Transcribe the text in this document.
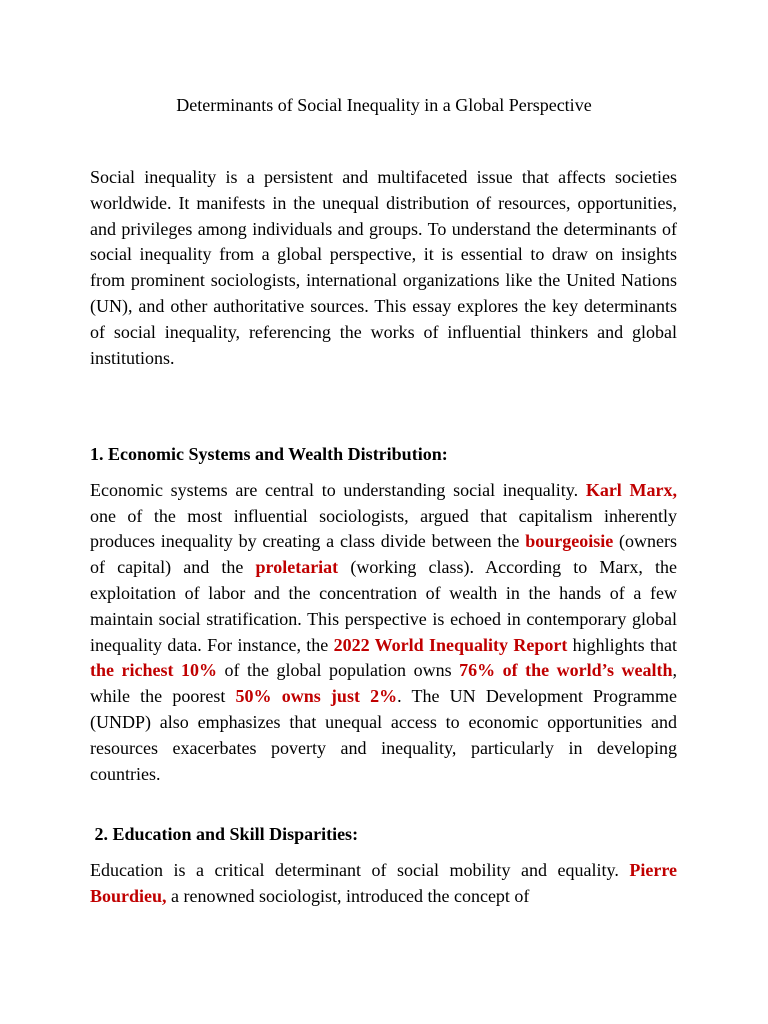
Determinants of Social Inequality in a Global Perspective

Social inequality is a persistent and multifaceted issue that affects societies worldwide. It manifests in the unequal distribution of resources, opportunities, and privileges among individuals and groups. To understand the determinants of social inequality from a global perspective, it is essential to draw on insights from prominent sociologists, international organizations like the United Nations (UN), and other authoritative sources. This essay explores the key determinants of social inequality, referencing the works of influential thinkers and global institutions.

1. Economic Systems and Wealth Distribution:

Economic systems are central to understanding social inequality. Karl Marx, one of the most influential sociologists, argued that capitalism inherently produces inequality by creating a class divide between the bourgeoisie (owners of capital) and the proletariat (working class). According to Marx, the exploitation of labor and the concentration of wealth in the hands of a few maintain social stratification. This perspective is echoed in contemporary global inequality data. For instance, the 2022 World Inequality Report highlights that the richest 10% of the global population owns 76% of the world’s wealth, while the poorest 50% owns just 2%. The UN Development Programme (UNDP) also emphasizes that unequal access to economic opportunities and resources exacerbates poverty and inequality, particularly in developing countries.

2. Education and Skill Disparities:

Education is a critical determinant of social mobility and equality. Pierre Bourdieu, a renowned sociologist, introduced the concept of
